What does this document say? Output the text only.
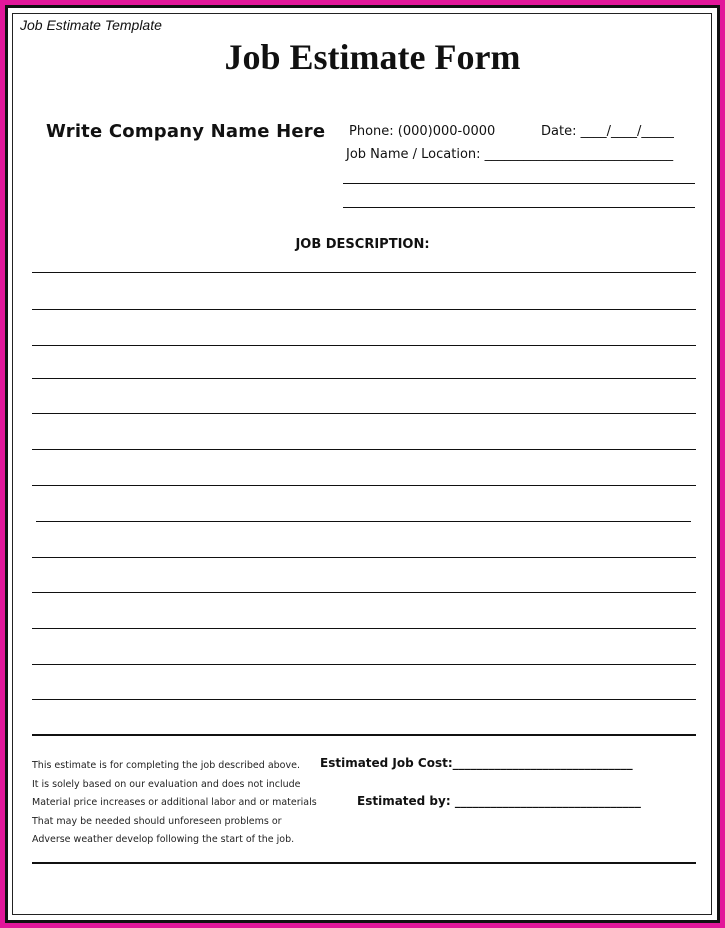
Job Estimate Template
Job Estimate Form
Write Company Name Here Phone: (000)000-0000	Date: ____/____/_____
Job Name / Location: _____________________________
JOB DESCRIPTION:
This estimate is for completing the job described above.
It is solely based on our evaluation and does not include
Material price increases or additional labor and or materials
That may be needed should unforeseen problems or
Adverse weather develop following the start of the job.
Estimated Job Cost:______________________________
Estimated by: _______________________________
